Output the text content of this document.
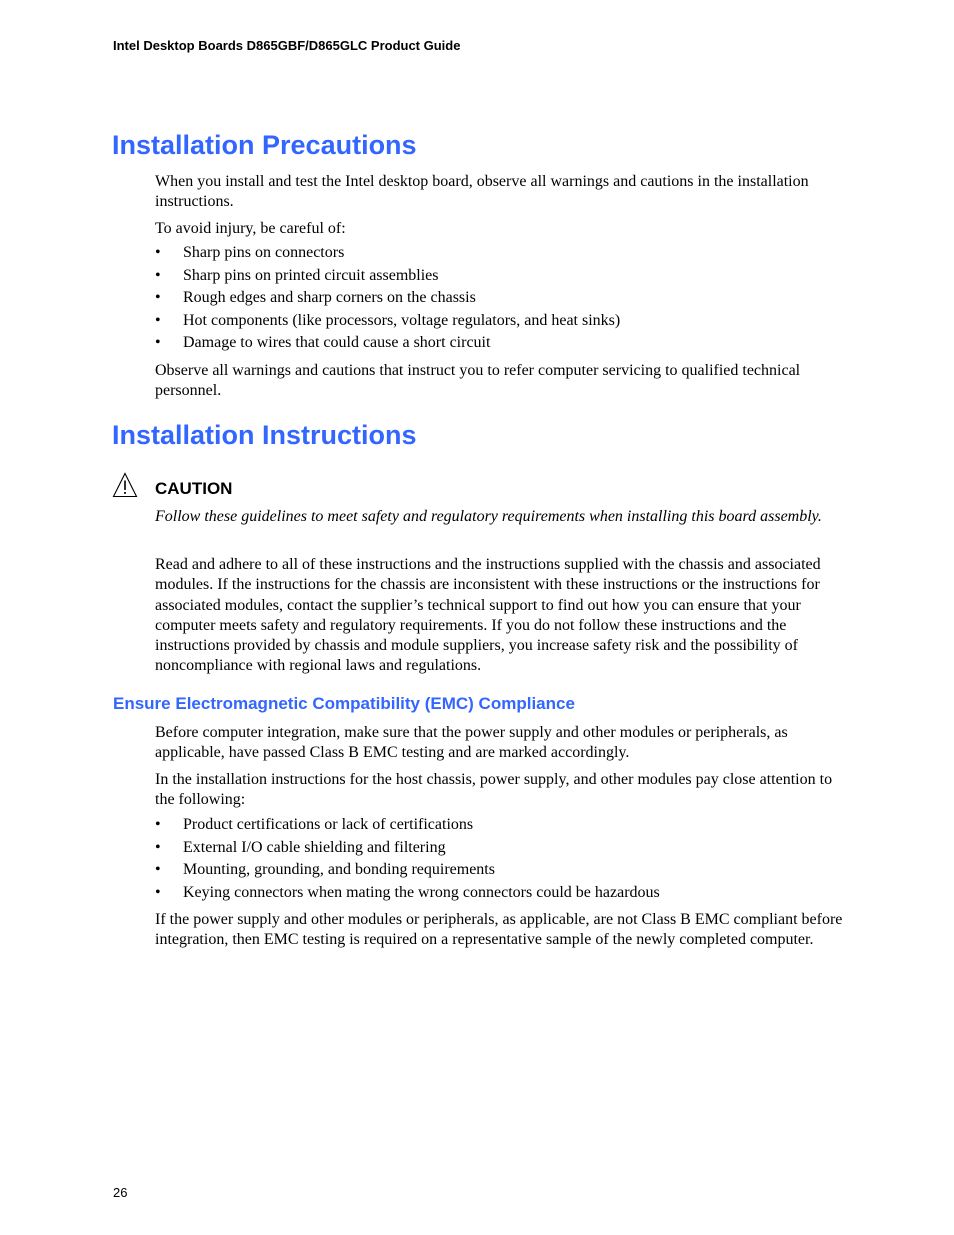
Intel Desktop Boards D865GBF/D865GLC Product Guide

Installation Precautions

When you install and test the Intel desktop board, observe all warnings and cautions in the installation instructions.

To avoid injury, be careful of:

• Sharp pins on connectors
• Sharp pins on printed circuit assemblies
• Rough edges and sharp corners on the chassis
• Hot components (like processors, voltage regulators, and heat sinks)
• Damage to wires that could cause a short circuit

Observe all warnings and cautions that instruct you to refer computer servicing to qualified technical personnel.

Installation Instructions

CAUTION

Follow these guidelines to meet safety and regulatory requirements when installing this board assembly.

Read and adhere to all of these instructions and the instructions supplied with the chassis and associated modules. If the instructions for the chassis are inconsistent with these instructions or the instructions for associated modules, contact the supplier’s technical support to find out how you can ensure that your computer meets safety and regulatory requirements. If you do not follow these instructions and the instructions provided by chassis and module suppliers, you increase safety risk and the possibility of noncompliance with regional laws and regulations.

Ensure Electromagnetic Compatibility (EMC) Compliance

Before computer integration, make sure that the power supply and other modules or peripherals, as applicable, have passed Class B EMC testing and are marked accordingly.

In the installation instructions for the host chassis, power supply, and other modules pay close attention to the following:

• Product certifications or lack of certifications
• External I/O cable shielding and filtering
• Mounting, grounding, and bonding requirements
• Keying connectors when mating the wrong connectors could be hazardous

If the power supply and other modules or peripherals, as applicable, are not Class B EMC compliant before integration, then EMC testing is required on a representative sample of the newly completed computer.

26
